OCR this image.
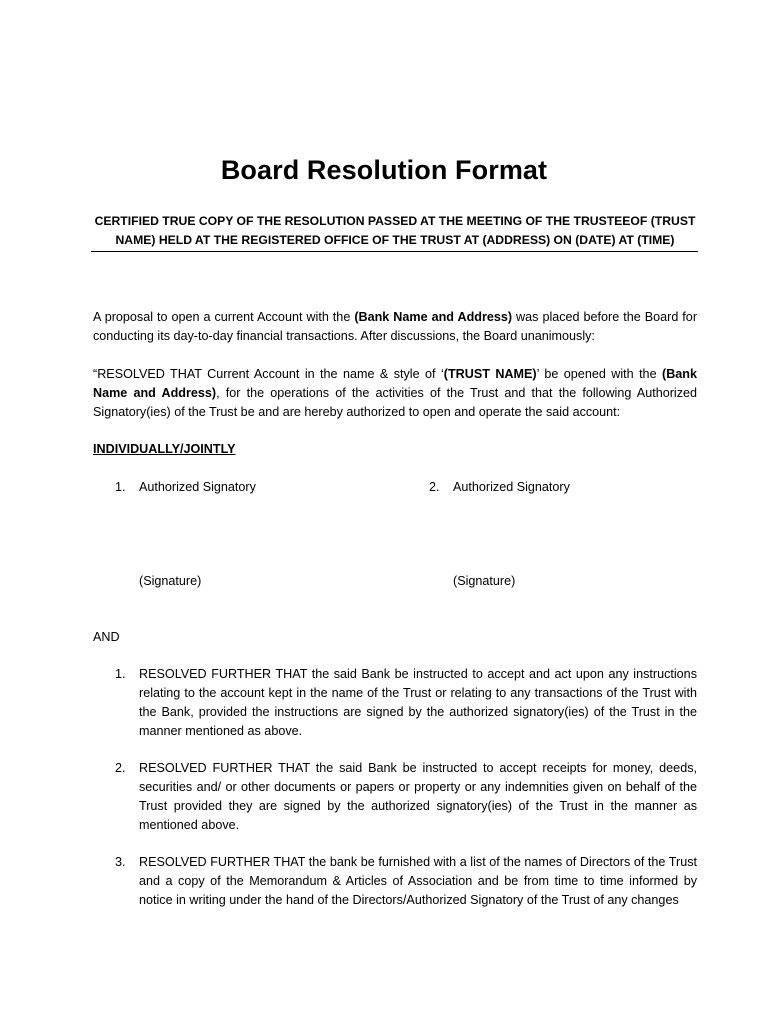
Board Resolution Format
CERTIFIED TRUE COPY OF THE RESOLUTION PASSED AT THE MEETING OF THE TRUSTEEOF (TRUST NAME) HELD AT THE REGISTERED OFFICE OF THE TRUST AT (ADDRESS) ON (DATE) AT (TIME)
A proposal to open a current Account with the (Bank Name and Address) was placed before the Board for conducting its day-to-day financial transactions. After discussions, the Board unanimously:
“RESOLVED THAT Current Account in the name & style of ‘(TRUST NAME)’ be opened with the (Bank Name and Address), for the operations of the activities of the Trust and that the following Authorized Signatory(ies) of the Trust be and are hereby authorized to open and operate the said account:
INDIVIDUALLY/JOINTLY
1. Authorized Signatory	2. Authorized Signatory
(Signature)	(Signature)
AND
1. RESOLVED FURTHER THAT the said Bank be instructed to accept and act upon any instructions relating to the account kept in the name of the Trust or relating to any transactions of the Trust with the Bank, provided the instructions are signed by the authorized signatory(ies) of the Trust in the manner mentioned as above.
2. RESOLVED FURTHER THAT the said Bank be instructed to accept receipts for money, deeds, securities and/ or other documents or papers or property or any indemnities given on behalf of the Trust provided they are signed by the authorized signatory(ies) of the Trust in the manner as mentioned above.
3. RESOLVED FURTHER THAT the bank be furnished with a list of the names of Directors of the Trust and a copy of the Memorandum & Articles of Association and be from time to time informed by notice in writing under the hand of the Directors/Authorized Signatory of the Trust of any changes
